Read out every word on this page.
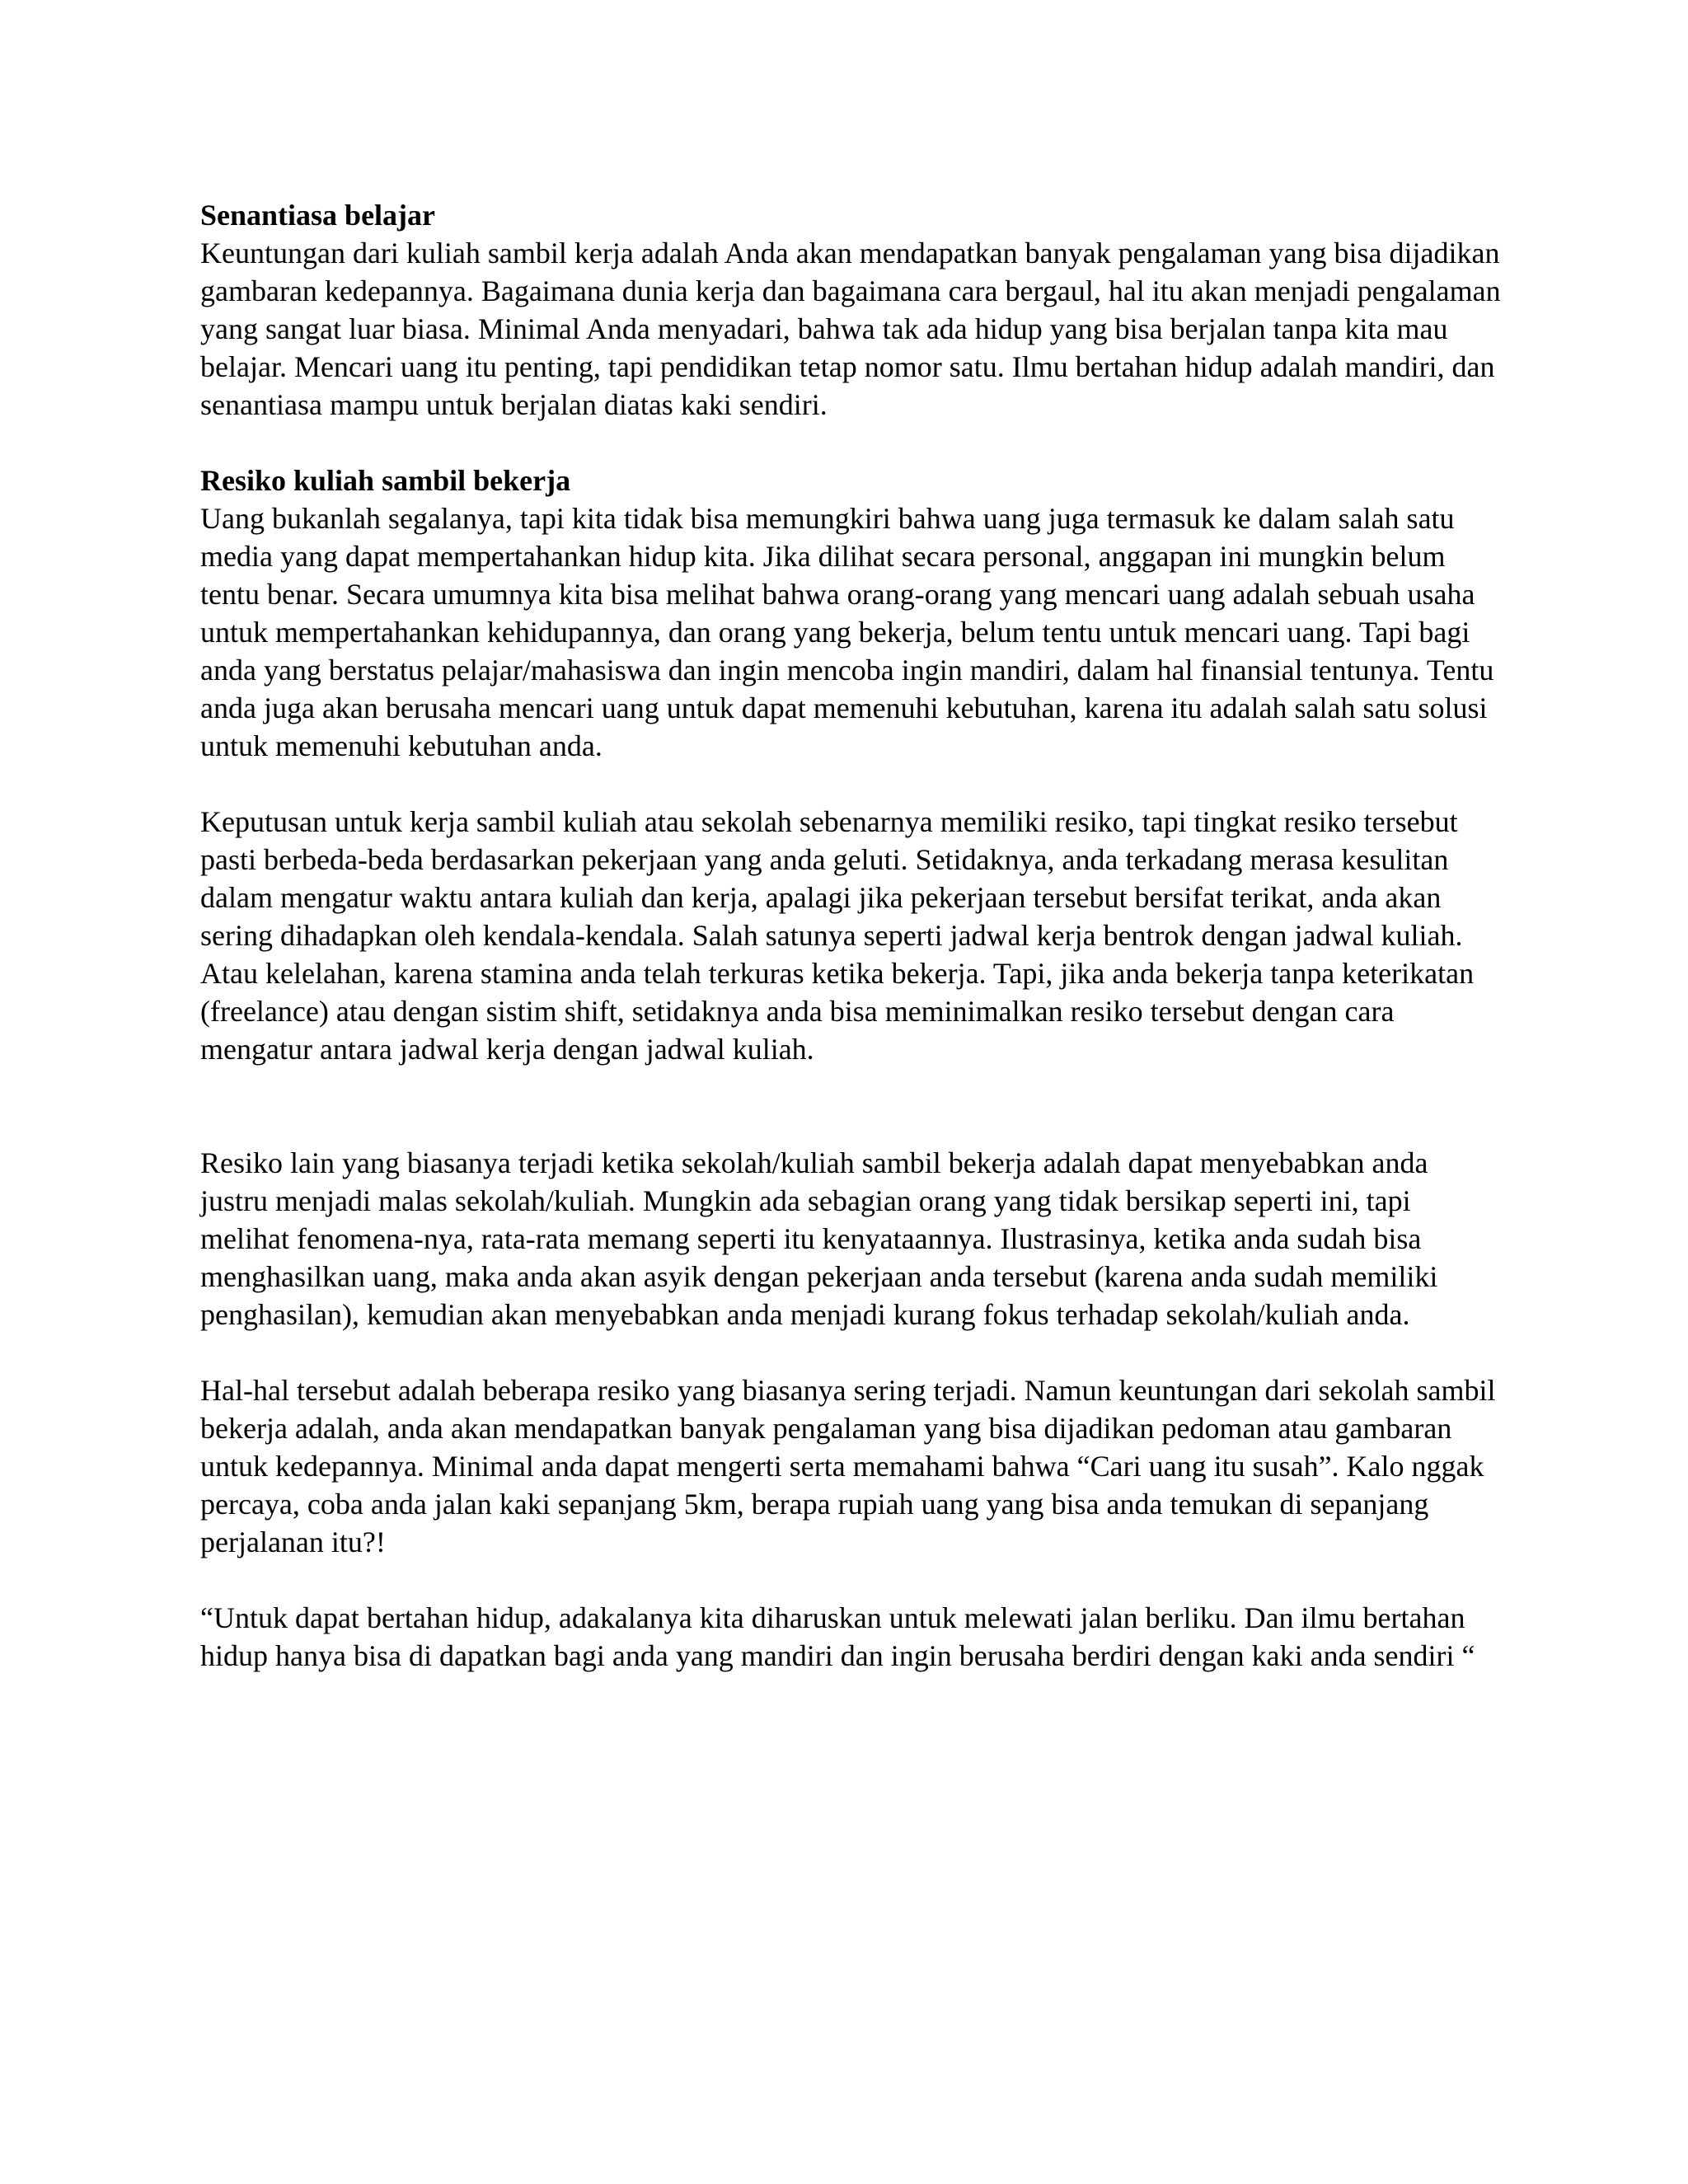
Senantiasa belajar

Keuntungan dari kuliah sambil kerja adalah Anda akan mendapatkan banyak pengalaman yang bisa dijadikan gambaran kedepannya. Bagaimana dunia kerja dan bagaimana cara bergaul, hal itu akan menjadi pengalaman yang sangat luar biasa. Minimal Anda menyadari, bahwa tak ada hidup yang bisa berjalan tanpa kita mau belajar. Mencari uang itu penting, tapi pendidikan tetap nomor satu. Ilmu bertahan hidup adalah mandiri, dan senantiasa mampu untuk berjalan diatas kaki sendiri.

Resiko kuliah sambil bekerja

Uang bukanlah segalanya, tapi kita tidak bisa memungkiri bahwa uang juga termasuk ke dalam salah satu media yang dapat mempertahankan hidup kita. Jika dilihat secara personal, anggapan ini mungkin belum tentu benar. Secara umumnya kita bisa melihat bahwa orang-orang yang mencari uang adalah sebuah usaha untuk mempertahankan kehidupannya, dan orang yang bekerja, belum tentu untuk mencari uang. Tapi bagi anda yang berstatus pelajar/mahasiswa dan ingin mencoba ingin mandiri, dalam hal finansial tentunya. Tentu anda juga akan berusaha mencari uang untuk dapat memenuhi kebutuhan, karena itu adalah salah satu solusi untuk memenuhi kebutuhan anda.

Keputusan untuk kerja sambil kuliah atau sekolah sebenarnya memiliki resiko, tapi tingkat resiko tersebut pasti berbeda-beda berdasarkan pekerjaan yang anda geluti. Setidaknya, anda terkadang merasa kesulitan dalam mengatur waktu antara kuliah dan kerja, apalagi jika pekerjaan tersebut bersifat terikat, anda akan sering dihadapkan oleh kendala-kendala. Salah satunya seperti jadwal kerja bentrok dengan jadwal kuliah. Atau kelelahan, karena stamina anda telah terkuras ketika bekerja. Tapi, jika anda bekerja tanpa keterikatan (freelance) atau dengan sistim shift, setidaknya anda bisa meminimalkan resiko tersebut dengan cara mengatur antara jadwal kerja dengan jadwal kuliah.

Resiko lain yang biasanya terjadi ketika sekolah/kuliah sambil bekerja adalah dapat menyebabkan anda justru menjadi malas sekolah/kuliah. Mungkin ada sebagian orang yang tidak bersikap seperti ini, tapi melihat fenomena-nya, rata-rata memang seperti itu kenyataannya. Ilustrasinya, ketika anda sudah bisa menghasilkan uang, maka anda akan asyik dengan pekerjaan anda tersebut (karena anda sudah memiliki penghasilan), kemudian akan menyebabkan anda menjadi kurang fokus terhadap sekolah/kuliah anda.

Hal-hal tersebut adalah beberapa resiko yang biasanya sering terjadi. Namun keuntungan dari sekolah sambil bekerja adalah, anda akan mendapatkan banyak pengalaman yang bisa dijadikan pedoman atau gambaran untuk kedepannya. Minimal anda dapat mengerti serta memahami bahwa “Cari uang itu susah”. Kalo nggak percaya, coba anda jalan kaki sepanjang 5km, berapa rupiah uang yang bisa anda temukan di sepanjang perjalanan itu?!

“Untuk dapat bertahan hidup, adakalanya kita diharuskan untuk melewati jalan berliku. Dan ilmu bertahan hidup hanya bisa di dapatkan bagi anda yang mandiri dan ingin berusaha berdiri dengan kaki anda sendiri “
